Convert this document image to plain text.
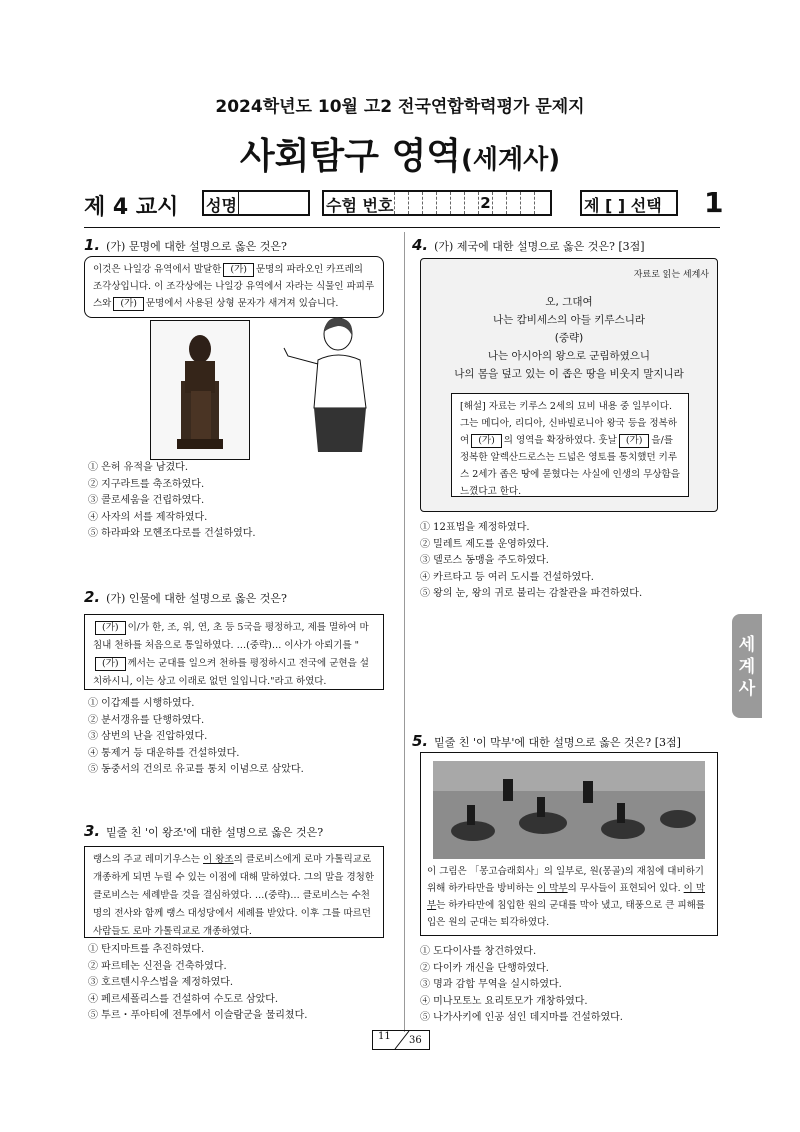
2024학년도 10월 고2 전국연합학력평가 문제지
사회탐구 영역(세계사)
제 4 교시 성명	수험 번호	2	제 [ ] 선택 1
1. (가) 문명에 대한 설명으로 옳은 것은?
이것은 나일강 유역에서 발달한 (가) 문명의 파라오인 카프레의 조각상입니다. 이 조각상에는 나일강 유역에서 자라는 식물인 파피루스와 (가) 문명에서 사용된 상형 문자가 새겨져 있습니다.
① 은허 유적을 남겼다.
② 지구라트를 축조하였다.
③ 콜로세움을 건립하였다.
④ 사자의 서를 제작하였다.
⑤ 하라파와 모헨조다로를 건설하였다.
2. (가) 인물에 대한 설명으로 옳은 것은?
(가) 이/가 한, 조, 위, 연, 초 등 5국을 평정하고, 제를 멸하여 마침내 천하를 처음으로 통일하였다. …(중략)… 이사가 아뢰기를 "(가) 께서는 군대를 일으켜 천하를 평정하시고 전국에 군현을 설치하시니, 이는 상고 이래로 없던 일입니다."라고 하였다.
① 이갑제를 시행하였다.
② 분서갱유를 단행하였다.
③ 삼번의 난을 진압하였다.
④ 통제거 등 대운하를 건설하였다.
⑤ 동중서의 건의로 유교를 통치 이념으로 삼았다.
3. 밑줄 친 '이 왕조'에 대한 설명으로 옳은 것은?
랭스의 주교 레미기우스는 이 왕조의 클로비스에게 로마 가톨릭교로 개종하게 되면 누릴 수 있는 이점에 대해 말하였다. 그의 말을 경청한 클로비스는 세례받을 것을 결심하였다. …(중략)… 클로비스는 수천 명의 전사와 함께 랭스 대성당에서 세례를 받았다. 이후 그를 따르던 사람들도 로마 가톨릭교로 개종하였다.
① 탄지마트를 추진하였다.
② 파르테논 신전을 건축하였다.
③ 호르텐시우스법을 제정하였다.
④ 페르세폴리스를 건설하여 수도로 삼았다.
⑤ 투르・푸아티에 전투에서 이슬람군을 물리쳤다.
4. (가) 제국에 대한 설명으로 옳은 것은? [3점]
자료로 읽는 세계사
오, 그대여
나는 캄비세스의 아들 키루스니라
(중략)
나는 아시아의 왕으로 군림하였으니
나의 몸을 덮고 있는 이 좁은 땅을 비웃지 말지니라
[해설] 자료는 키루스 2세의 묘비 내용 중 일부이다. 그는 메디아, 리디아, 신바빌로니아 왕국 등을 정복하여 (가) 의 영역을 확장하였다. 훗날 (가) 을/를 정복한 알렉산드로스는 드넓은 영토를 통치했던 키루스 2세가 좁은 땅에 묻혔다는 사실에 인생의 무상함을 느꼈다고 한다.
① 12표법을 제정하였다.
② 밀레트 제도를 운영하였다.
③ 델로스 동맹을 주도하였다.
④ 카르타고 등 여러 도시를 건설하였다.
⑤ 왕의 눈, 왕의 귀로 불리는 감찰관을 파견하였다.
세
계
사
5. 밑줄 친 '이 막부'에 대한 설명으로 옳은 것은? [3점]
이 그림은 「몽고습래회사」의 일부로, 원(몽골)의 재침에 대비하기 위해 하카타만을 방비하는 이 막부의 무사들이 표현되어 있다. 이 막부는 하카타만에 침입한 원의 군대를 막아 냈고, 태풍으로 큰 피해를 입은 원의 군대는 퇴각하였다.
① 도다이사를 창건하였다.
② 다이카 개신을 단행하였다.
③ 명과 감합 무역을 실시하였다.
④ 미나모토노 요리토모가 개창하였다.
⑤ 나가사키에 인공 섬인 데지마를 건설하였다.
11 36
